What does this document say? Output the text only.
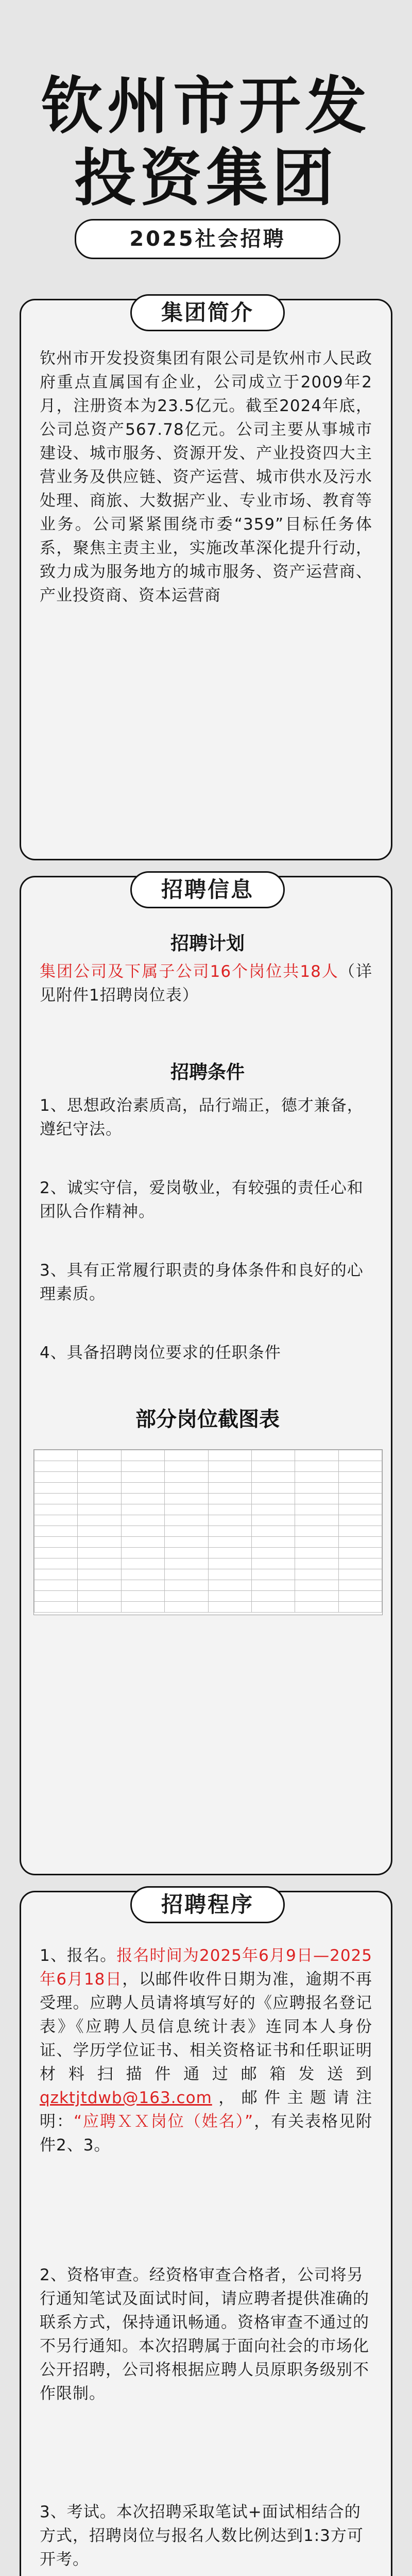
钦州市开发
投资集团
2025社会招聘
集团简介
钦州市开发投资集团有限公司是钦州市人民政府重点直属国有企业，公司成立于2009年2月，注册资本为23.5亿元。截至2024年底，公司总资产567.78亿元。公司主要从事城市建设、城市服务、资源开发、产业投资四大主营业务及供应链、资产运营、城市供水及污水处理、商旅、大数据产业、专业市场、教育等业务。公司紧紧围绕市委“359”目标任务体系，聚焦主责主业，实施改革深化提升行动，致力成为服务地方的城市服务、资产运营商、产业投资商、资本运营商
招聘信息
招聘计划
集团公司及下属子公司16个岗位共18人（详见附件1招聘岗位表）
招聘条件
1、思想政治素质高，品行端正，德才兼备，遵纪守法。
2、诚实守信，爱岗敬业，有较强的责任心和团队合作精神。
3、具有正常履行职责的身体条件和良好的心理素质。
4、具备招聘岗位要求的任职条件
部分岗位截图表

招聘程序
1、报名。报名时间为2025年6月9日—2025年6月18日，以邮件收件日期为准，逾期不再受理。应聘人员请将填写好的《应聘报名登记表》《应聘人员信息统计表》连同本人身份证、学历学位证书、相关资格证书和任职证明材料扫描件通过邮箱发送到qzktjtdwb@163.com，邮件主题请注明：“应聘ＸＸ岗位（姓名）”，有关表格见附件2、3。
2、资格审查。经资格审查合格者，公司将另行通知笔试及面试时间，请应聘者提供准确的联系方式，保持通讯畅通。资格审查不通过的不另行通知。本次招聘属于面向社会的市场化公开招聘，公司将根据应聘人员原职务级别不作限制。
3、考试。本次招聘采取笔试+面试相结合的方式，招聘岗位与报名人数比例达到1:3方可开考。
